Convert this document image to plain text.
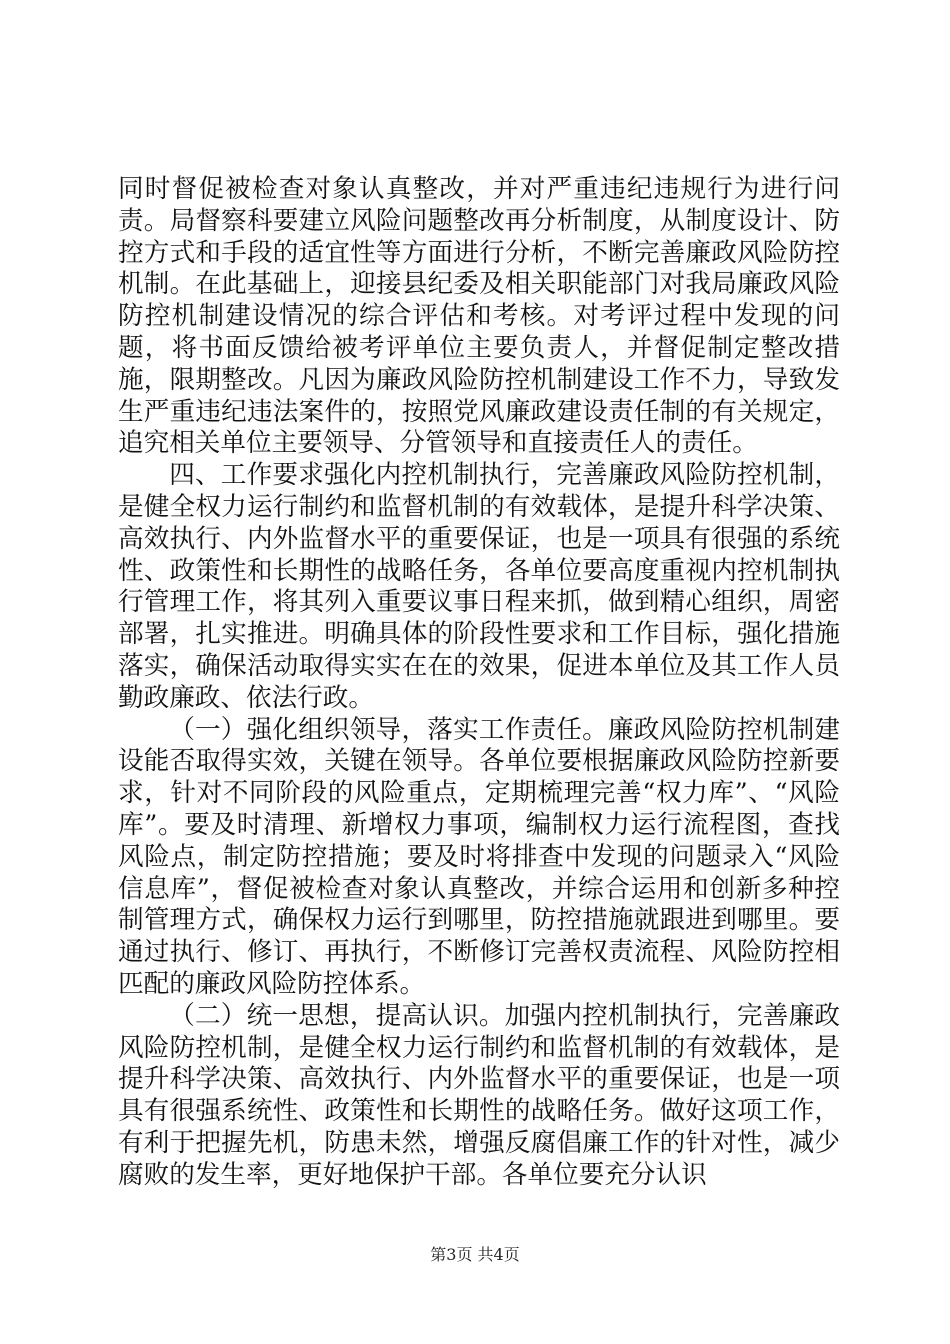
同时督促被检查对象认真整改，并对严重违纪违规行为进行问责。局督察科要建立风险问题整改再分析制度，从制度设计、防控方式和手段的适宜性等方面进行分析，不断完善廉政风险防控机制。在此基础上，迎接县纪委及相关职能部门对我局廉政风险防控机制建设情况的综合评估和考核。对考评过程中发现的问题，将书面反馈给被考评单位主要负责人，并督促制定整改措施，限期整改。凡因为廉政风险防控机制建设工作不力，导致发生严重违纪违法案件的，按照党风廉政建设责任制的有关规定，追究相关单位主要领导、分管领导和直接责任人的责任。

四、工作要求强化内控机制执行，完善廉政风险防控机制，是健全权力运行制约和监督机制的有效载体，是提升科学决策、高效执行、内外监督水平的重要保证，也是一项具有很强的系统性、政策性和长期性的战略任务，各单位要高度重视内控机制执行管理工作，将其列入重要议事日程来抓，做到精心组织，周密部署，扎实推进。明确具体的阶段性要求和工作目标，强化措施落实，确保活动取得实实在在的效果，促进本单位及其工作人员勤政廉政、依法行政。

（一）强化组织领导，落实工作责任。廉政风险防控机制建设能否取得实效，关键在领导。各单位要根据廉政风险防控新要求，针对不同阶段的风险重点，定期梳理完善“权力库”、“风险库”。要及时清理、新增权力事项，编制权力运行流程图，查找风险点，制定防控措施；要及时将排查中发现的问题录入“风险信息库”，督促被检查对象认真整改，并综合运用和创新多种控制管理方式，确保权力运行到哪里，防控措施就跟进到哪里。要通过执行、修订、再执行，不断修订完善权责流程、风险防控相匹配的廉政风险防控体系。

（二）统一思想，提高认识。加强内控机制执行，完善廉政风险防控机制，是健全权力运行制约和监督机制的有效载体，是提升科学决策、高效执行、内外监督水平的重要保证，也是一项具有很强系统性、政策性和长期性的战略任务。做好这项工作，有利于把握先机，防患未然，增强反腐倡廉工作的针对性，减少腐败的发生率，更好地保护干部。各单位要充分认识

第3页 共4页
